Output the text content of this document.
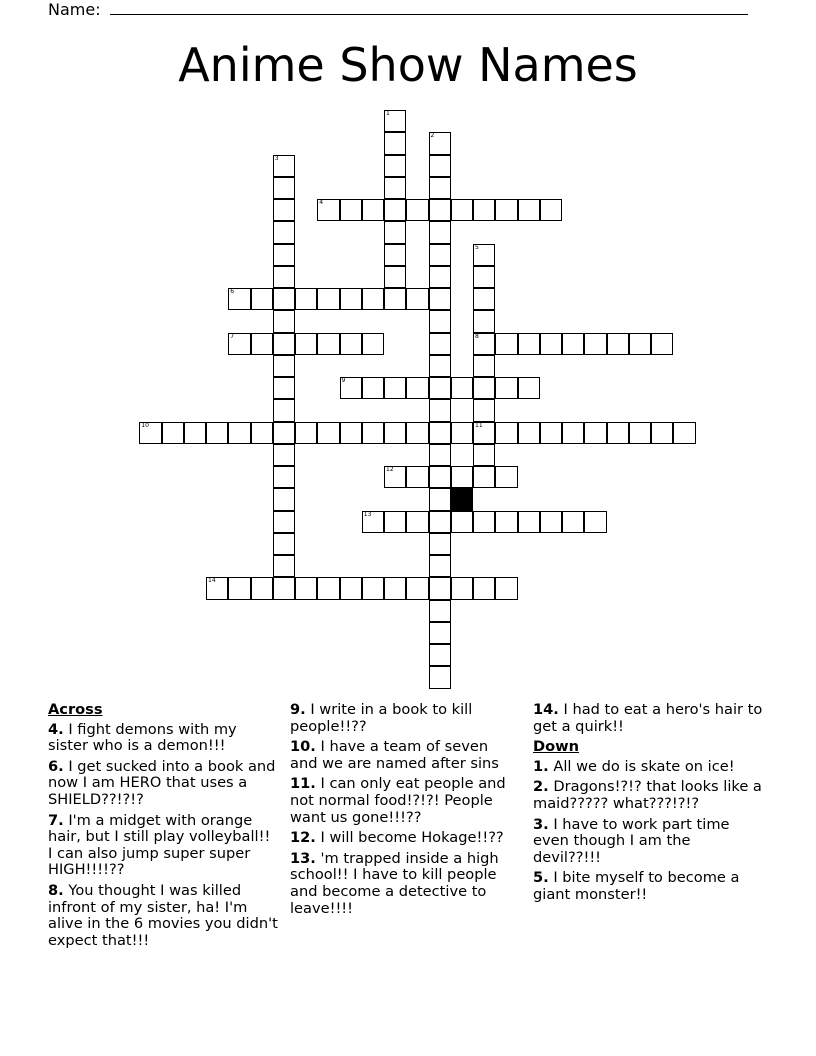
Name:
Anime Show Names
1
2
3
4
5
8
11
6
7
9
10
12
13
14
Across
4. I fight demons with my sister who is a demon!!!
6. I get sucked into a book and now I am HERO that uses a SHIELD??!?!?
7. I'm a midget with orange hair, but I still play volleyball!! I can also jump super super HIGH!!!!??
8. You thought I was killed infront of my sister, ha! I'm alive in the 6 movies you didn't expect that!!!
9. I write in a book to kill people!!??
10. I have a team of seven and we are named after sins
11. I can only eat people and not normal food!?!?! People want us gone!!!??
12. I will become Hokage!!??
13. 'm trapped inside a high school!! I have to kill people and become a detective to leave!!!!
14. I had to eat a hero's hair to get a quirk!!
Down
1. All we do is skate on ice!
2. Dragons!?!? that looks like a maid????? what???!?!?
3. I have to work part time even though I am the devil??!!!
5. I bite myself to become a giant monster!!
